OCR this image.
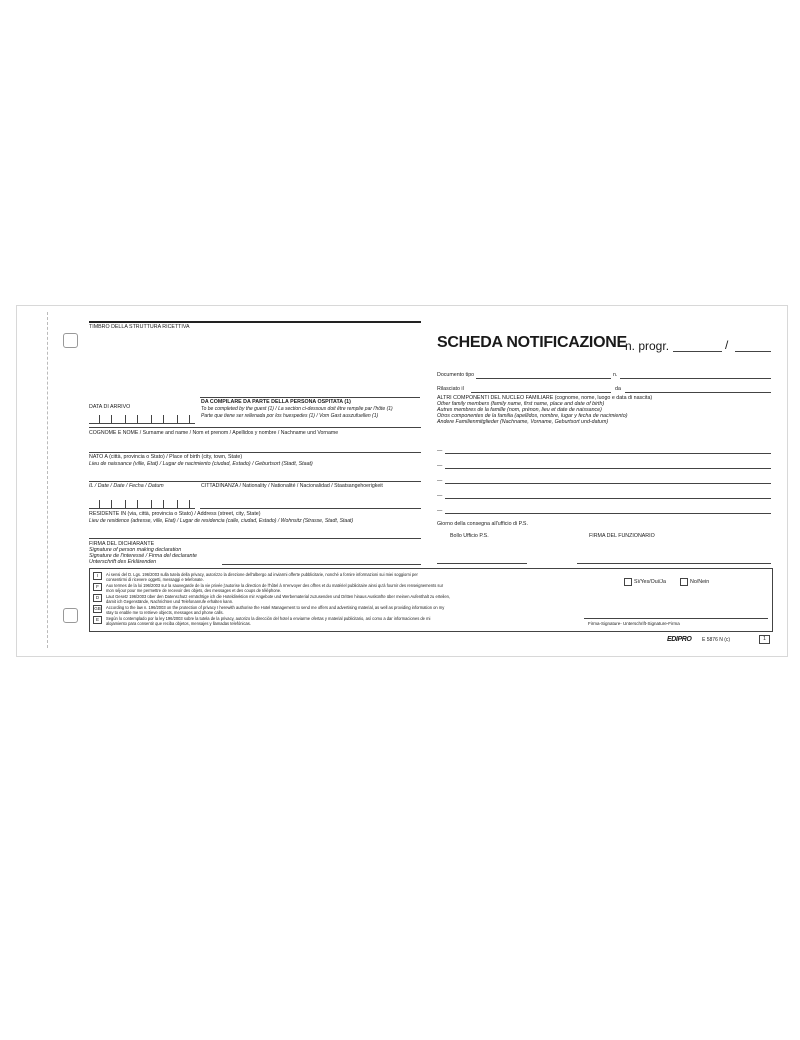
TIMBRO DELLA STRUTTURA RICETTIVA
DATA DI ARRIVO
DA COMPILARE DA PARTE DELLA PERSONA OSPITATA (1)
To be completed by the guest (1) / La section ci-dessous doit être remplie par l'hôte (1)
Parte que tiene ser rellenada por los huespedes (1) / Vom Gast auszufuellen (1)
COGNOME E NOME / Surname and name / Nom et prenom / Apellidos y nombre / Nachname und Vorname
NATO A (città, provincia o Stato) / Place of birth (city, town, State)
Lieu de naissance (ville, Etat) / Lugar de nacimiento (ciudad, Estado) / Geburtsort (Stadt, Staat)
IL / Date / Date / Fecha / Datum	CITTADINANZA / Nationality / Nationalité / Nacionalidad / Staatsangehoerigkeit
RESIDENTE IN (via, città, provincia o Stato) / Address (street, city, State)
Lieu de residence (adresse, ville, Etat) / Lugar de residencia (calle, ciudad, Estado) / Wohnsitz (Strasse, Stadt, Staat)
FIRMA DEL DICHIARANTE
Signature of person making declaration
Signature de l'interessé / Firma del declarante
Unterschrift des Erklärenden
SCHEDA NOTIFICAZIONE
n. progr.	/
Documento tipo	n.
Rilasciato il	da
ALTRI COMPONENTI DEL NUCLEO FAMILIARE (cognome, nome, luogo e data di nascita)
Other family members (family name, first name, place and date of birth)
Autres membres de la famille (nom, prénon, lieu et date de naissance)
Otros componentes de la familia (apellidos, nombre, lugar y fecha de nacimiento)
Andere Familienmitglieder (Nachname, Vorname, Geburtsort und-datum)
—
—
—
—
—
Giorno della consegna all'ufficio di P.S.
Bollo Ufficio P.S.	FIRMA DEL FUNZIONARIO
I
F
D
GB
E
Ai sensi del D. Lgs. 196/2003 sulla tutela della privacy, autorizzo la direzione dell'albergo ad inviarmi offerte pubblicitarie, nonché a fornire informazioni sui miei soggiorni per
consentirmi di ricevere oggetti, messaggi e telefonate.
Aux termes de la loi 196/2003 sur la sauvegarde de la vie privée j'autorise la direction de l'hôtel à m'envoyer des offres et du matériel publicitaire ainsi qu'à fournir des renseignements sur
mon séjour pour me permettre de recevoir des objets, des messages et des coups de téléphone.
Laut Gesetz 196/2003 über den Datenschutz ermächtige ich die Hoteldirektion mir Angebote und Werbematerial zuzusenden und Dritten hinaus Auskünfte über meinen Aufenthalt zu erteilen,
damit ich Gegenstände, Nachrichten und Telefonanrufe erhalten kann.
According to the law n. 196/2003 on the protection of privacy I herewith authorise the Hotel Management to send me offers and advertising material, as well as providing information on my
stay to enable me to retrieve objects, messages and phone calls.
Según lo contemplado por la ley 196/2003 sobre la tutela de la privacy, autorizo la dirección del hotel a enviarme ofertas y material publicitario, así como a dar informaciones de mi
alojamiento para consentir que reciba objetos, mensajes y llamadas telefónicas.
Sì/Yes/Oui/Ja	No/Nein
Firma-Signature- Unterschrift-Signature-Firma
EDIPRO E 5876 N (c)	1
